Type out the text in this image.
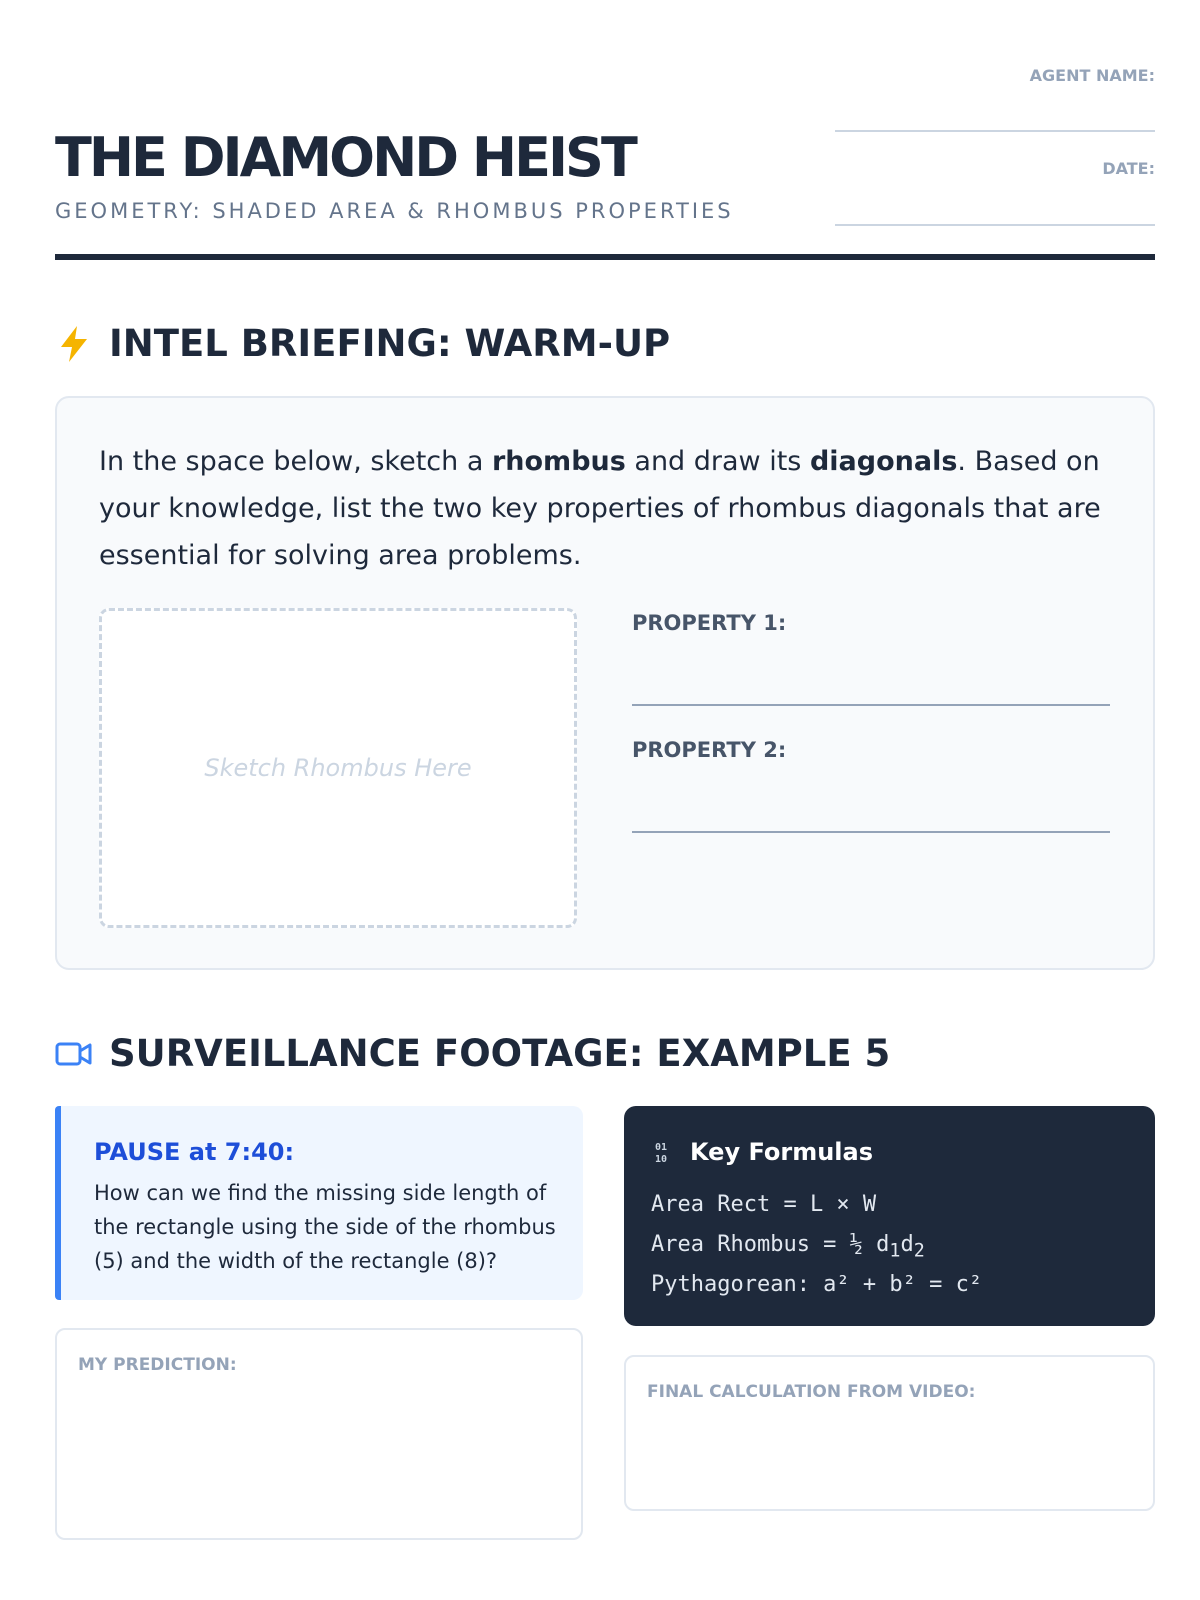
THE DIAMOND HEIST
GEOMETRY: SHADED AREA & RHOMBUS PROPERTIES
AGENT NAME:
DATE:
INTEL BRIEFING: WARM-UP
In the space below, sketch a rhombus and draw its diagonals. Based on your knowledge, list the two key properties of rhombus diagonals that are essential for solving area problems.
Sketch Rhombus Here
PROPERTY 1:
PROPERTY 2:
SURVEILLANCE FOOTAGE: EXAMPLE 5
PAUSE at 7:40:
How can we find the missing side length of the rectangle using the side of the rhombus (5) and the width of the rectangle (8)?
01
10 Key Formulas
Area Rect = L × W
Area Rhombus = ½ $d_1d_2$
Pythagorean: a² + b² = c²
MY PREDICTION:
FINAL CALCULATION FROM VIDEO:
